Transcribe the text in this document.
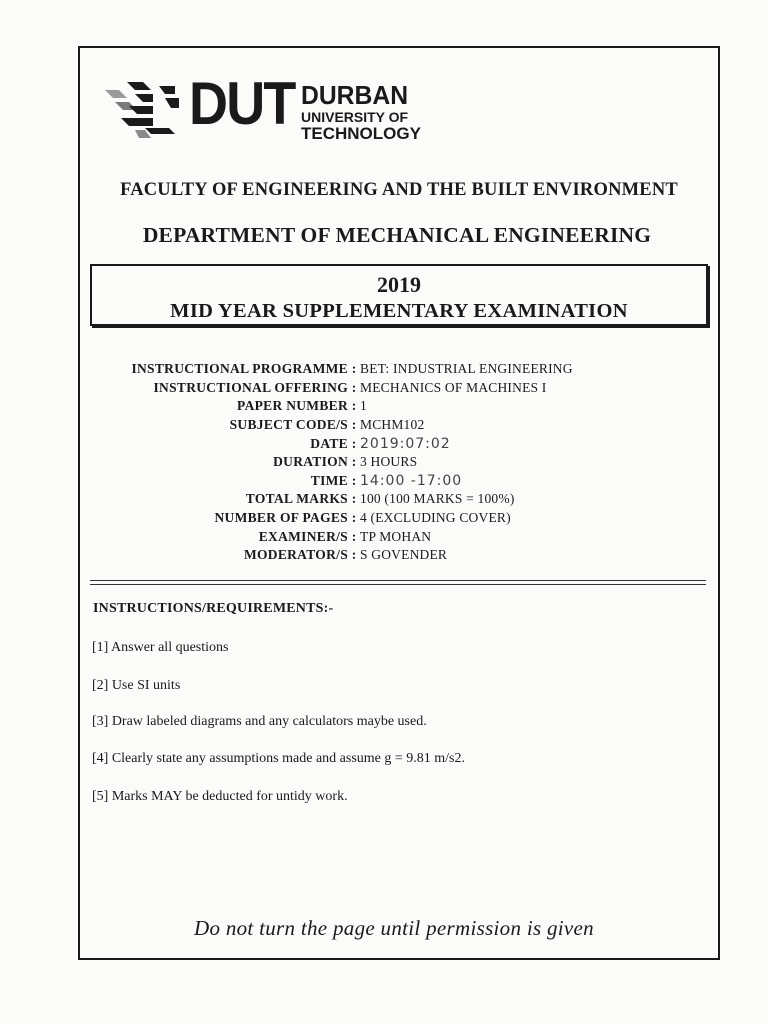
DUT DURBAN
UNIVERSITY OF
TECHNOLOGY
FACULTY OF ENGINEERING AND THE BUILT ENVIRONMENT
DEPARTMENT OF MECHANICAL ENGINEERING
2019
MID YEAR SUPPLEMENTARY EXAMINATION
INSTRUCTIONAL PROGRAMME : BET: INDUSTRIAL ENGINEERING
INSTRUCTIONAL OFFERING : MECHANICS OF MACHINES I
PAPER NUMBER : 1
SUBJECT CODE/S : MCHM102
DATE : 2019:07:02
DURATION : 3 HOURS
TIME : 14:00 -17:00
TOTAL MARKS : 100 (100 MARKS = 100%)
NUMBER OF PAGES : 4 (EXCLUDING COVER)
EXAMINER/S : TP MOHAN
MODERATOR/S : S GOVENDER
INSTRUCTIONS/REQUIREMENTS:-
[1] Answer all questions
[2] Use SI units
[3] Draw labeled diagrams and any calculators maybe used.
[4] Clearly state any assumptions made and assume g = 9.81 m/s2.
[5] Marks MAY be deducted for untidy work.
Do not turn the page until permission is given
